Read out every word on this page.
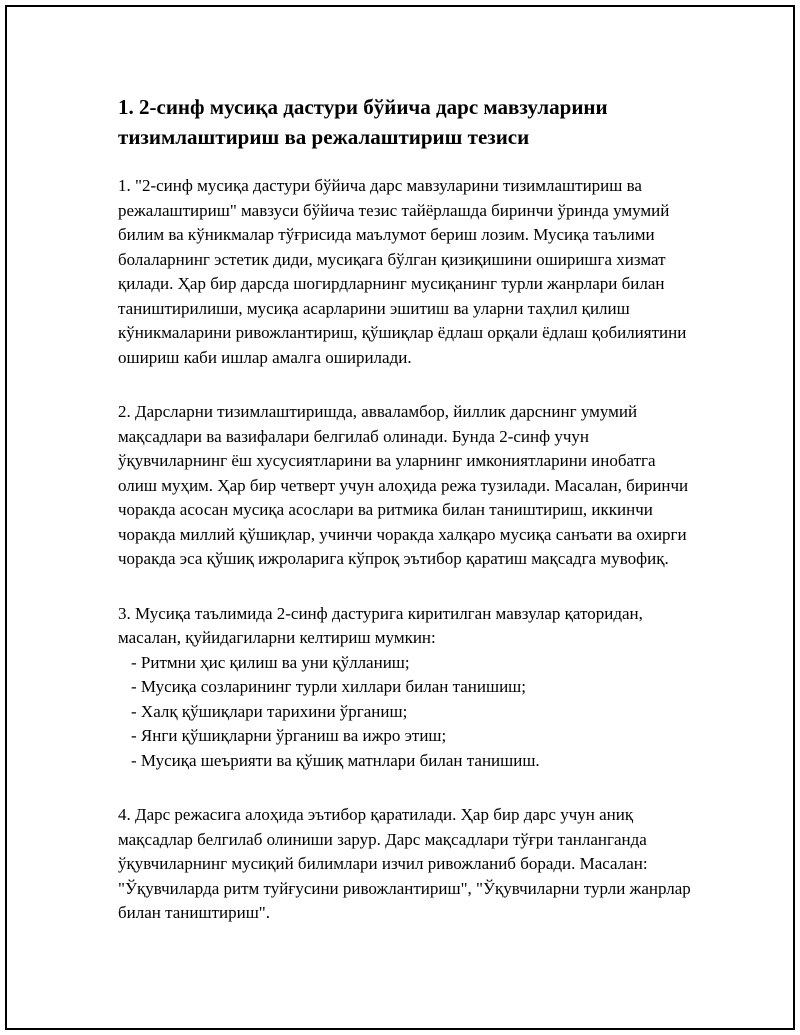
1. 2-синф мусиқа дастури бўйича дарс мавзуларини тизимлаштириш ва режалаштириш тезиси

1. "2-синф мусиқа дастури бўйича дарс мавзуларини тизимлаштириш ва режалаштириш" мавзуси бўйича тезис тайёрлашда биринчи ўринда умумий билим ва кўникмалар тўғрисида маълумот бериш лозим. Мусиқа таълими болаларнинг эстетик диди, мусиқага бўлган қизиқишини оширишга хизмат қилади. Ҳар бир дарсда шогирдларнинг мусиқанинг турли жанрлари билан таништирилиши, мусиқа асарларини эшитиш ва уларни таҳлил қилиш кўникмаларини ривожлантириш, қўшиқлар ёдлаш орқали ёдлаш қобилиятини ошириш каби ишлар амалга оширилади.

2. Дарсларни тизимлаштиришда, аввалaмбор, йиллик дарснинг умумий мақсадлари ва вазифалари белгилаб олинади. Бунда 2-синф учун ўқувчиларнинг ёш хусусиятларини ва уларнинг имкониятларини инобатга олиш муҳим. Ҳар бир четверт учун алоҳида режа тузилади. Масалан, биринчи чоракда асосан мусиқа асослари ва ритмика билан таништириш, иккинчи чоракда миллий қўшиқлар, учинчи чоракда халқаро мусиқа санъати ва охирги чоракда эса қўшиқ ижроларига кўпроқ эътибор қаратиш мақсадга мувофиқ.

3. Мусиқа таълимида 2-синф дастурига киритилган мавзулар қаторидан, масалан, қуйидагиларни келтириш мумкин:

- Ритмни ҳис қилиш ва уни қўлланиш;
- Мусиқа созларининг турли хиллари билан танишиш;
- Халқ қўшиқлари тарихини ўрганиш;
- Янги қўшиқларни ўрганиш ва ижро этиш;
- Мусиқа шеърияти ва қўшиқ матнлари билан танишиш.

4. Дарс режасига алоҳида эътибор қаратилади. Ҳар бир дарс учун аниқ мақсадлар белгилаб олиниши зарур. Дарс мақсадлари тўғри танланганда ўқувчиларнинг мусиқий билимлари изчил ривожланиб боради. Масалан: "Ўқувчиларда ритм туйғусини ривожлантириш", "Ўқувчиларни турли жанрлар билан таништириш".
